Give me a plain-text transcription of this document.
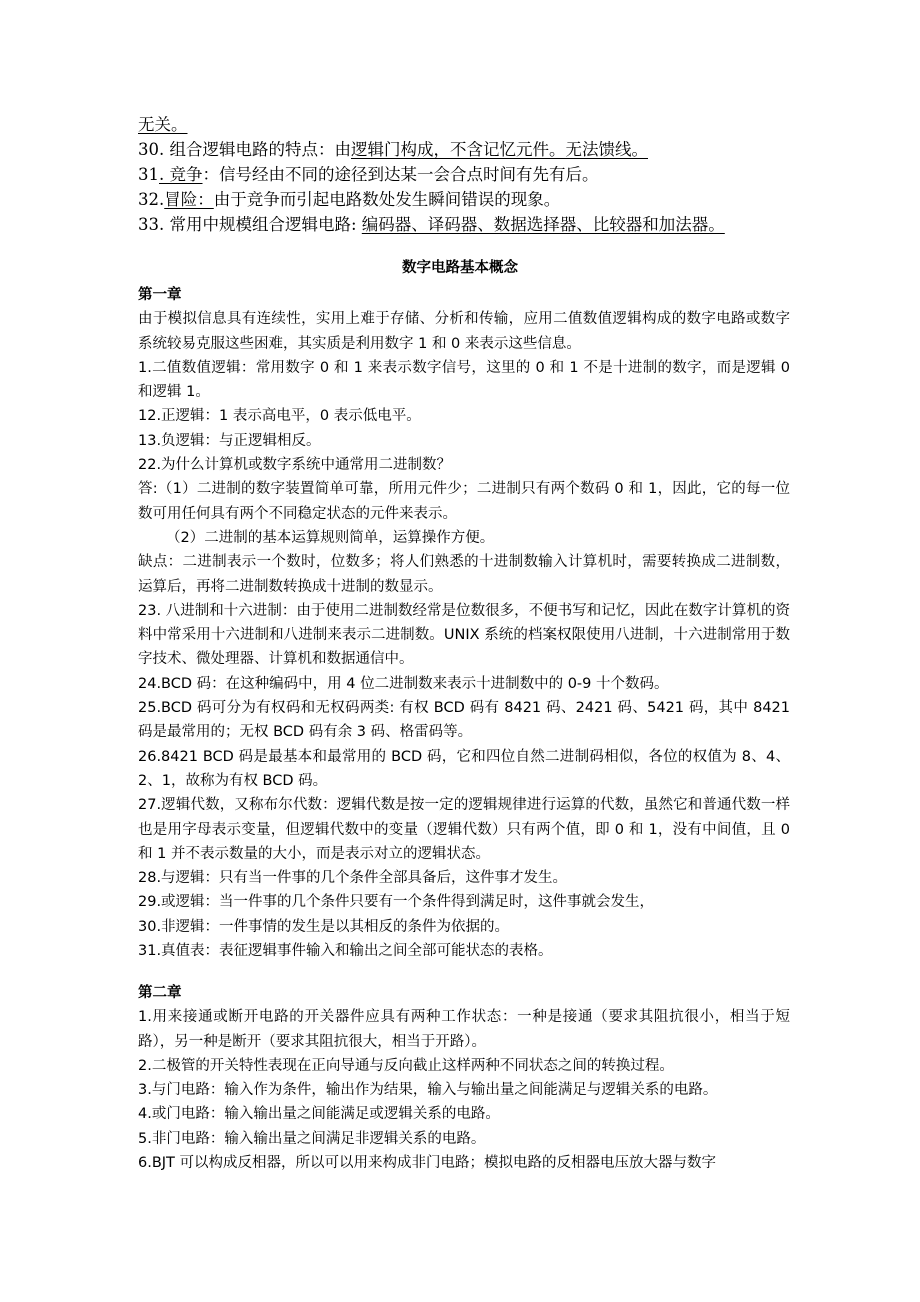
无关。
30. 组合逻辑电路的特点：由逻辑门构成，不含记忆元件。无法馈线。
31. 竞争：信号经由不同的途径到达某一会合点时间有先有后。
32.冒险：由于竞争而引起电路数处发生瞬间错误的现象。
33. 常用中规模组合逻辑电路: 编码器、译码器、数据选择器、比较器和加法器。
数字电路基本概念

第一章

由于模拟信息具有连续性，实用上难于存储、分析和传输，应用二值数值逻辑构成的数字电路或数字系统较易克服这些困难，其实质是利用数字 1 和 0 来表示这些信息。

1.二值数值逻辑：常用数字 0 和 1 来表示数字信号，这里的 0 和 1 不是十进制的数字，而是逻辑 0 和逻辑 1。

12.正逻辑：1 表示高电平，0 表示低电平。

13.负逻辑：与正逻辑相反。

22.为什么计算机或数字系统中通常用二进制数？

答:（1）二进制的数字装置简单可靠，所用元件少；二进制只有两个数码 0 和 1，因此，它的每一位数可用任何具有两个不同稳定状态的元件来表示。

（2）二进制的基本运算规则简单，运算操作方便。

缺点：二进制表示一个数时，位数多；将人们熟悉的十进制数输入计算机时，需要转换成二进制数，运算后，再将二进制数转换成十进制的数显示。

23. 八进制和十六进制：由于使用二进制数经常是位数很多，不便书写和记忆，因此在数字计算机的资料中常采用十六进制和八进制来表示二进制数。UNIX 系统的档案权限使用八进制，十六进制常用于数字技术、微处理器、计算机和数据通信中。

24.BCD 码：在这种编码中，用 4 位二进制数来表示十进制数中的 0-9 十个数码。

25.BCD 码可分为有权码和无权码两类: 有权 BCD 码有 8421 码、2421 码、5421 码，其中 8421 码是最常用的；无权 BCD 码有余 3 码、格雷码等。

26.8421 BCD 码是最基本和最常用的 BCD 码，它和四位自然二进制码相似，各位的权值为 8、4、2、1，故称为有权 BCD 码。

27.逻辑代数，又称布尔代数：逻辑代数是按一定的逻辑规律进行运算的代数，虽然它和普通代数一样也是用字母表示变量，但逻辑代数中的变量（逻辑代数）只有两个值，即 0 和 1，没有中间值，且 0 和 1 并不表示数量的大小，而是表示对立的逻辑状态。

28.与逻辑：只有当一件事的几个条件全部具备后，这件事才发生。

29.或逻辑：当一件事的几个条件只要有一个条件得到满足时，这件事就会发生，

30.非逻辑：一件事情的发生是以其相反的条件为依据的。

31.真值表：表征逻辑事件输入和输出之间全部可能状态的表格。

第二章

1.用来接通或断开电路的开关器件应具有两种工作状态：一种是接通（要求其阻抗很小，相当于短路），另一种是断开（要求其阻抗很大，相当于开路）。

2.二极管的开关特性表现在正向导通与反向截止这样两种不同状态之间的转换过程。

3.与门电路：输入作为条件，输出作为结果，输入与输出量之间能满足与逻辑关系的电路。

4.或门电路：输入输出量之间能满足或逻辑关系的电路。

5.非门电路：输入输出量之间满足非逻辑关系的电路。

6.BJT 可以构成反相器，所以可以用来构成非门电路；模拟电路的反相器电压放大器与数字
